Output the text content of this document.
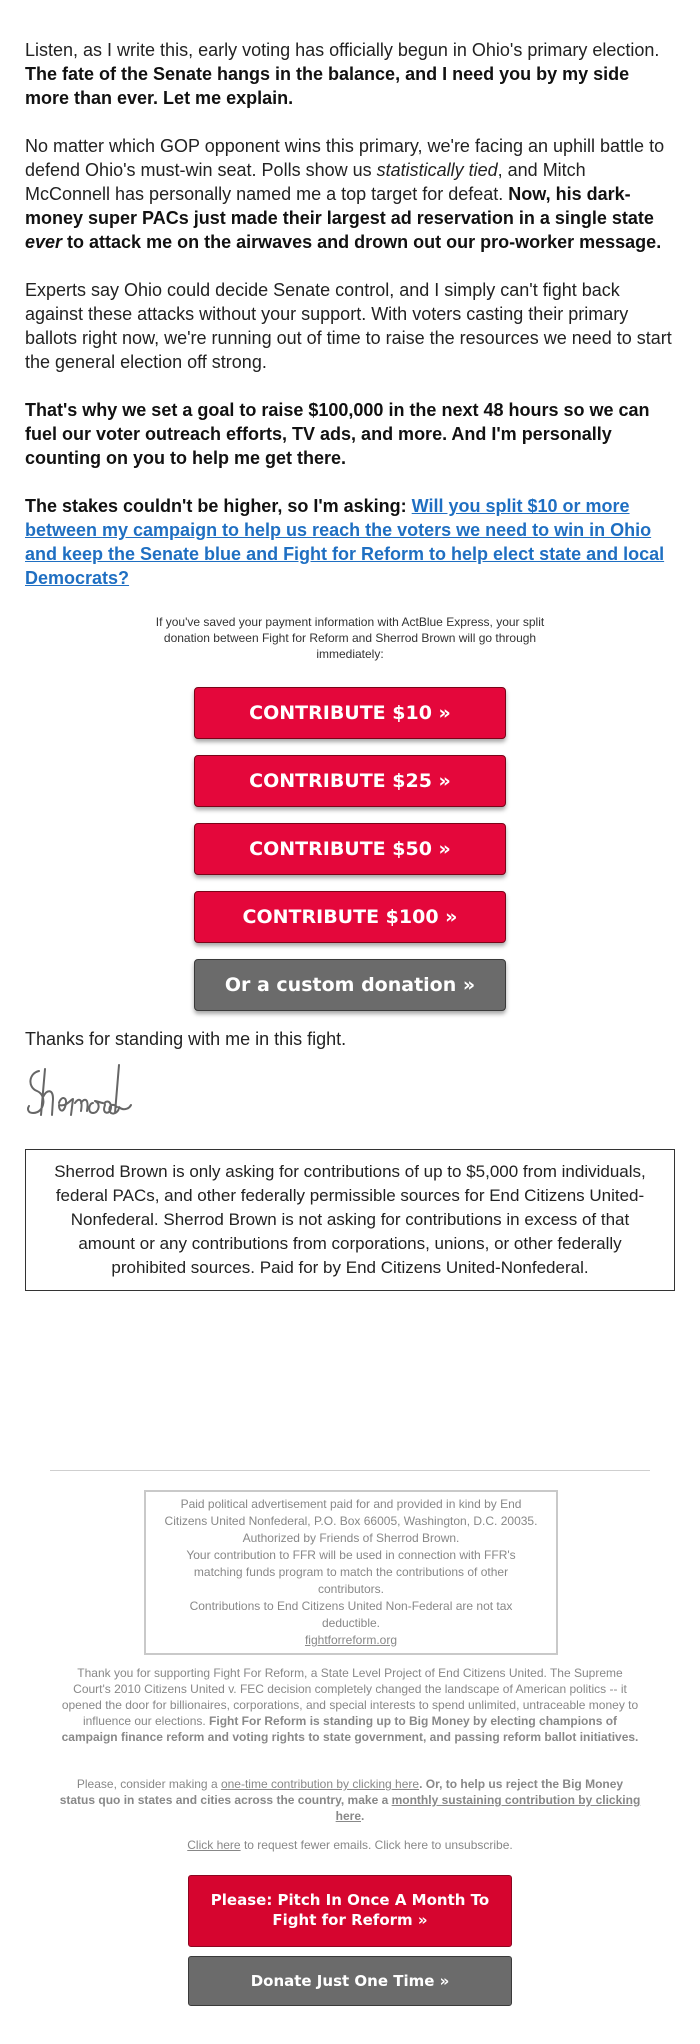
Listen, as I write this, early voting has officially begun in Ohio's primary election. The fate of the Senate hangs in the balance, and I need you by my side more than ever. Let me explain.

No matter which GOP opponent wins this primary, we're facing an uphill battle to defend Ohio's must-win seat. Polls show us statistically tied, and Mitch McConnell has personally named me a top target for defeat. Now, his dark-money super PACs just made their largest ad reservation in a single state ever to attack me on the airwaves and drown out our pro-worker message.

Experts say Ohio could decide Senate control, and I simply can't fight back against these attacks without your support. With voters casting their primary ballots right now, we're running out of time to raise the resources we need to start the general election off strong.

That's why we set a goal to raise $100,000 in the next 48 hours so we can fuel our voter outreach efforts, TV ads, and more. And I'm personally counting on you to help me get there.

The stakes couldn't be higher, so I'm asking: Will you split $10 or more between my campaign to help us reach the voters we need to win in Ohio and keep the Senate blue and Fight for Reform to help elect state and local Democrats?

If you've saved your payment information with ActBlue Express, your split donation between Fight for Reform and Sherrod Brown will go through immediately:
CONTRIBUTE $10 »
CONTRIBUTE $25 »
CONTRIBUTE $50 »
CONTRIBUTE $100 »
Or a custom donation »

Thanks for standing with me in this fight.

Sherrod Brown is only asking for contributions of up to $5,000 from individuals, federal PACs, and other federally permissible sources for End Citizens United-Nonfederal. Sherrod Brown is not asking for contributions in excess of that amount or any contributions from corporations, unions, or other federally prohibited sources. Paid for by End Citizens United-Nonfederal.
Paid political advertisement paid for and provided in kind by End
Citizens United Nonfederal, P.O. Box 66005, Washington, D.C. 20035.
Authorized by Friends of Sherrod Brown.
Your contribution to FFR will be used in connection with FFR's
matching funds program to match the contributions of other
contributors.
Contributions to End Citizens United Non-Federal are not tax
deductible.
fightforreform.org
Thank you for supporting Fight For Reform, a State Level Project of End Citizens United. The Supreme Court's 2010 Citizens United v. FEC decision completely changed the landscape of American politics -- it opened the door for billionaires, corporations, and special interests to spend unlimited, untraceable money to influence our elections. Fight For Reform is standing up to Big Money by electing champions of campaign finance reform and voting rights to state government, and passing reform ballot initiatives.
Please, consider making a one-time contribution by clicking here. Or, to help us reject the Big Money status quo in states and cities across the country, make a monthly sustaining contribution by clicking here.
Click here to request fewer emails. Click here to unsubscribe.
Please: Pitch In Once A Month To Fight for Reform »
Donate Just One Time »
